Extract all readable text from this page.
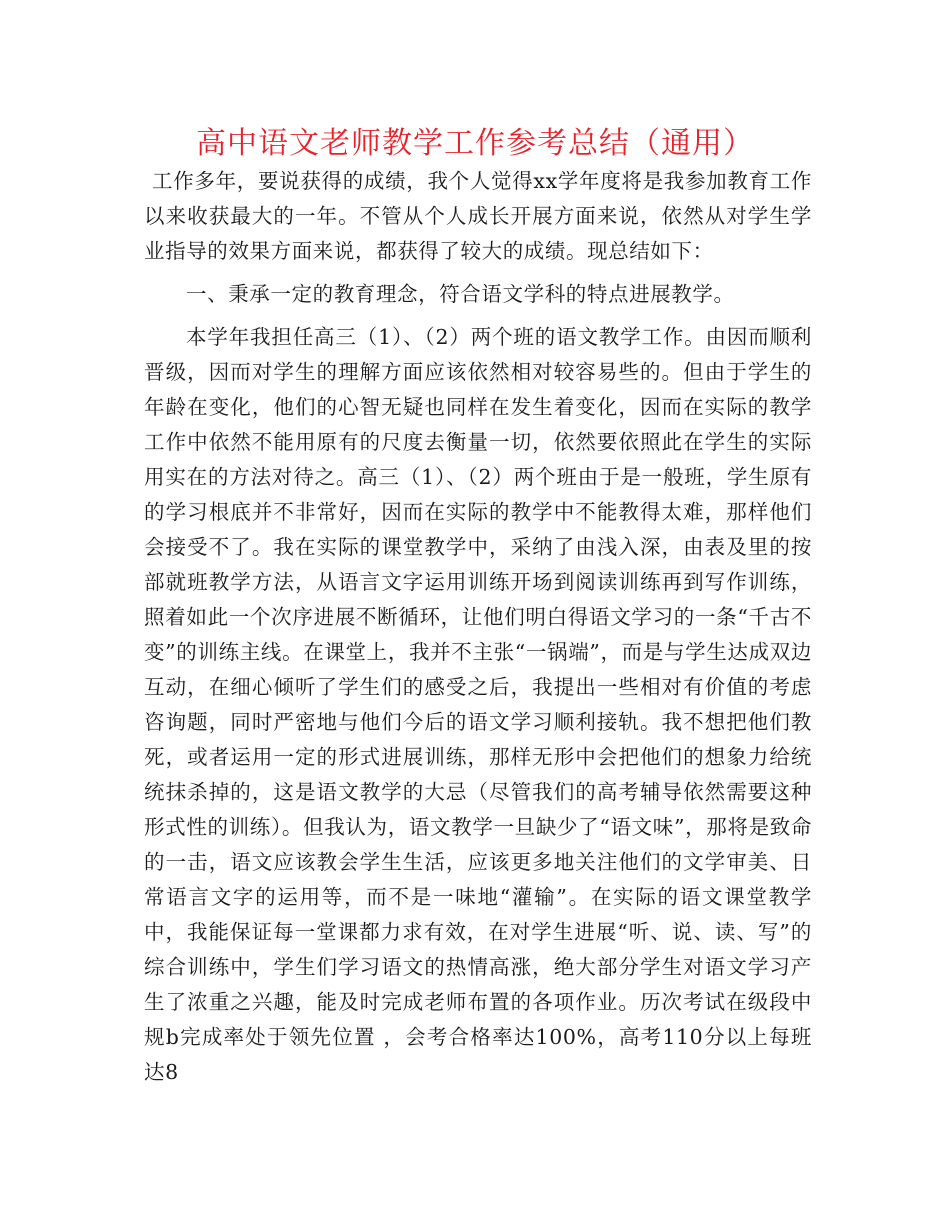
高中语文老师教学工作参考总结（通用）

工作多年，要说获得的成绩，我个人觉得xx学年度将是我参加教育工作以来收获最大的一年。不管从个人成长开展方面来说，依然从对学生学业指导的效果方面来说，都获得了较大的成绩。现总结如下：

一、秉承一定的教育理念，符合语文学科的特点进展教学。

本学年我担任高三（1）、（2）两个班的语文教学工作。由因而顺利晋级，因而对学生的理解方面应该依然相对较容易些的。但由于学生的年龄在变化，他们的心智无疑也同样在发生着变化，因而在实际的教学工作中依然不能用原有的尺度去衡量一切，依然要依照此在学生的实际用实在的方法对待之。高三（1）、（2）两个班由于是一般班，学生原有的学习根底并不非常好，因而在实际的教学中不能教得太难，那样他们会接受不了。我在实际的课堂教学中，采纳了由浅入深，由表及里的按部就班教学方法，从语言文字运用训练开场到阅读训练再到写作训练，照着如此一个次序进展不断循环，让他们明白得语文学习的一条“千古不变”的训练主线。在课堂上，我并不主张“一锅端”，而是与学生达成双边互动，在细心倾听了学生们的感受之后，我提出一些相对有价值的考虑咨询题，同时严密地与他们今后的语文学习顺利接轨。我不想把他们教死，或者运用一定的形式进展训练，那样无形中会把他们的想象力给统统抹杀掉的，这是语文教学的大忌（尽管我们的高考辅导依然需要这种形式性的训练）。但我认为，语文教学一旦缺少了“语文味”，那将是致命的一击，语文应该教会学生生活，应该更多地关注他们的文学审美、日常语言文字的运用等，而不是一味地“灌输”。在实际的语文课堂教学中，我能保证每一堂课都力求有效，在对学生进展“听、说、读、写”的综合训练中，学生们学习语文的热情高涨，绝大部分学生对语文学习产生了浓重之兴趣，能及时完成老师布置的各项作业。历次考试在级段中规b完成率处于领先位置 ，会考合格率达100%，高考110分以上每班达8
